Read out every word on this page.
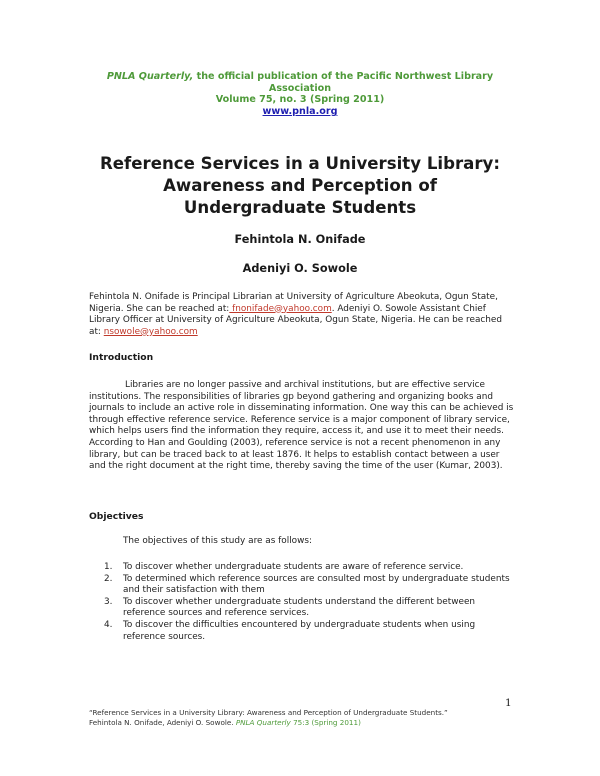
PNLA Quarterly, the official publication of the Pacific Northwest Library
Association
Volume 75, no. 3 (Spring 2011)
www.pnla.org
Reference Services in a University Library:
Awareness and Perception of
Undergraduate Students
Fehintola N. Onifade
Adeniyi O. Sowole
Fehintola N. Onifade is Principal Librarian at University of Agriculture Abeokuta, Ogun State, Nigeria. She can be reached at: fnonifade@yahoo.com. Adeniyi O. Sowole Assistant Chief Library Officer at University of Agriculture Abeokuta, Ogun State, Nigeria. He can be reached at: nsowole@yahoo.com
Introduction
Libraries are no longer passive and archival institutions, but are effective service institutions. The responsibilities of libraries gp beyond gathering and organizing books and journals to include an active role in disseminating information. One way this can be achieved is through effective reference service. Reference service is a major component of library service, which helps users find the information they require, access it, and use it to meet their needs. According to Han and Goulding (2003), reference service is not a recent phenomenon in any library, but can be traced back to at least 1876. It helps to establish contact between a user and the right document at the right time, thereby saving the time of the user (Kumar, 2003).
Objectives
The objectives of this study are as follows:
1.	To discover whether undergraduate students are aware of reference service.
2.	To determined which reference sources are consulted most by undergraduate students and their satisfaction with them
3.	To discover whether undergraduate students understand the different between reference sources and reference services.
4.	To discover the difficulties encountered by undergraduate students when using reference sources.
1
“Reference Services in a University Library: Awareness and Perception of Undergraduate Students.”
Fehintola N. Onifade, Adeniyi O. Sowole. PNLA Quarterly 75:3 (Spring 2011)
